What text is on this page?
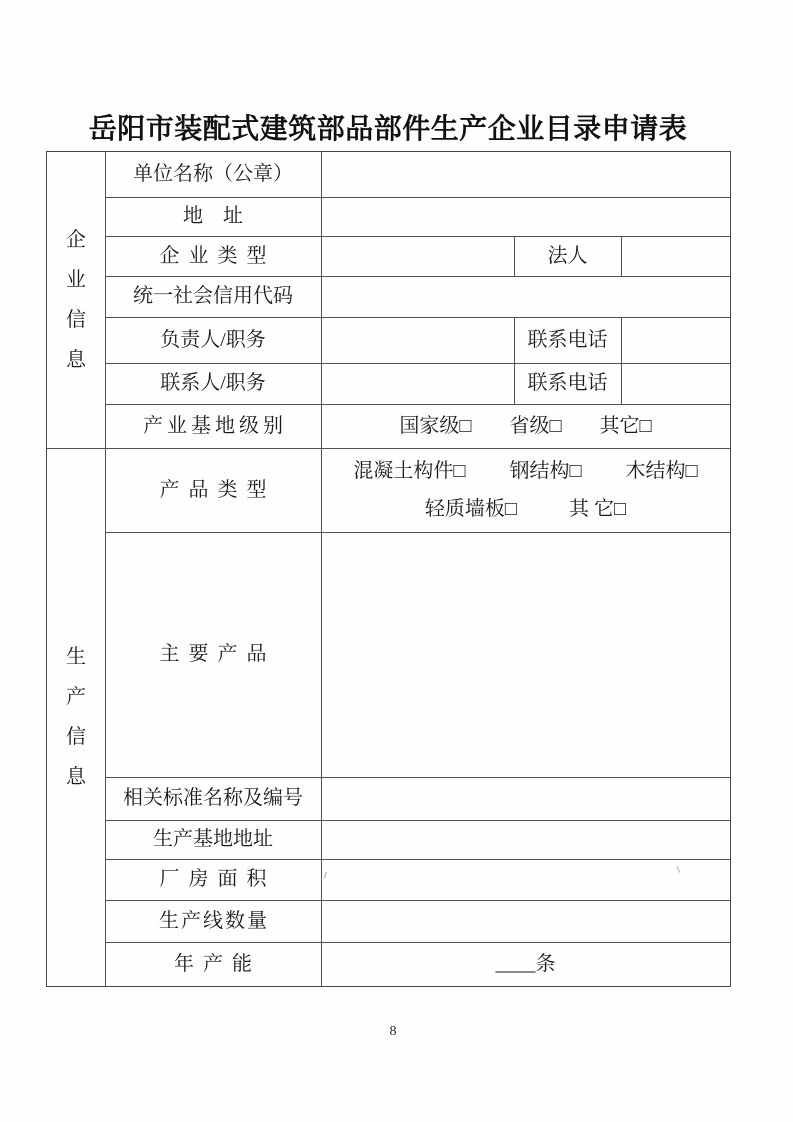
岳阳市装配式建筑部品部件生产企业目录申请表
企业信息
生产信息
单位名称（公章）
地　址
企业类型
统一社会信用代码
负责人/职务
联系人/职务
产业基地级别
法人
联系电话
联系电话
国家级□ 省级□ 其它□
产品类型
主要产品
相关标准名称及编号
生产基地地址
厂房面积
生产线数量
年 产 能
混凝土构件□ 钢结构□ 木结构□
轻质墙板□	其 它□
____条
8
